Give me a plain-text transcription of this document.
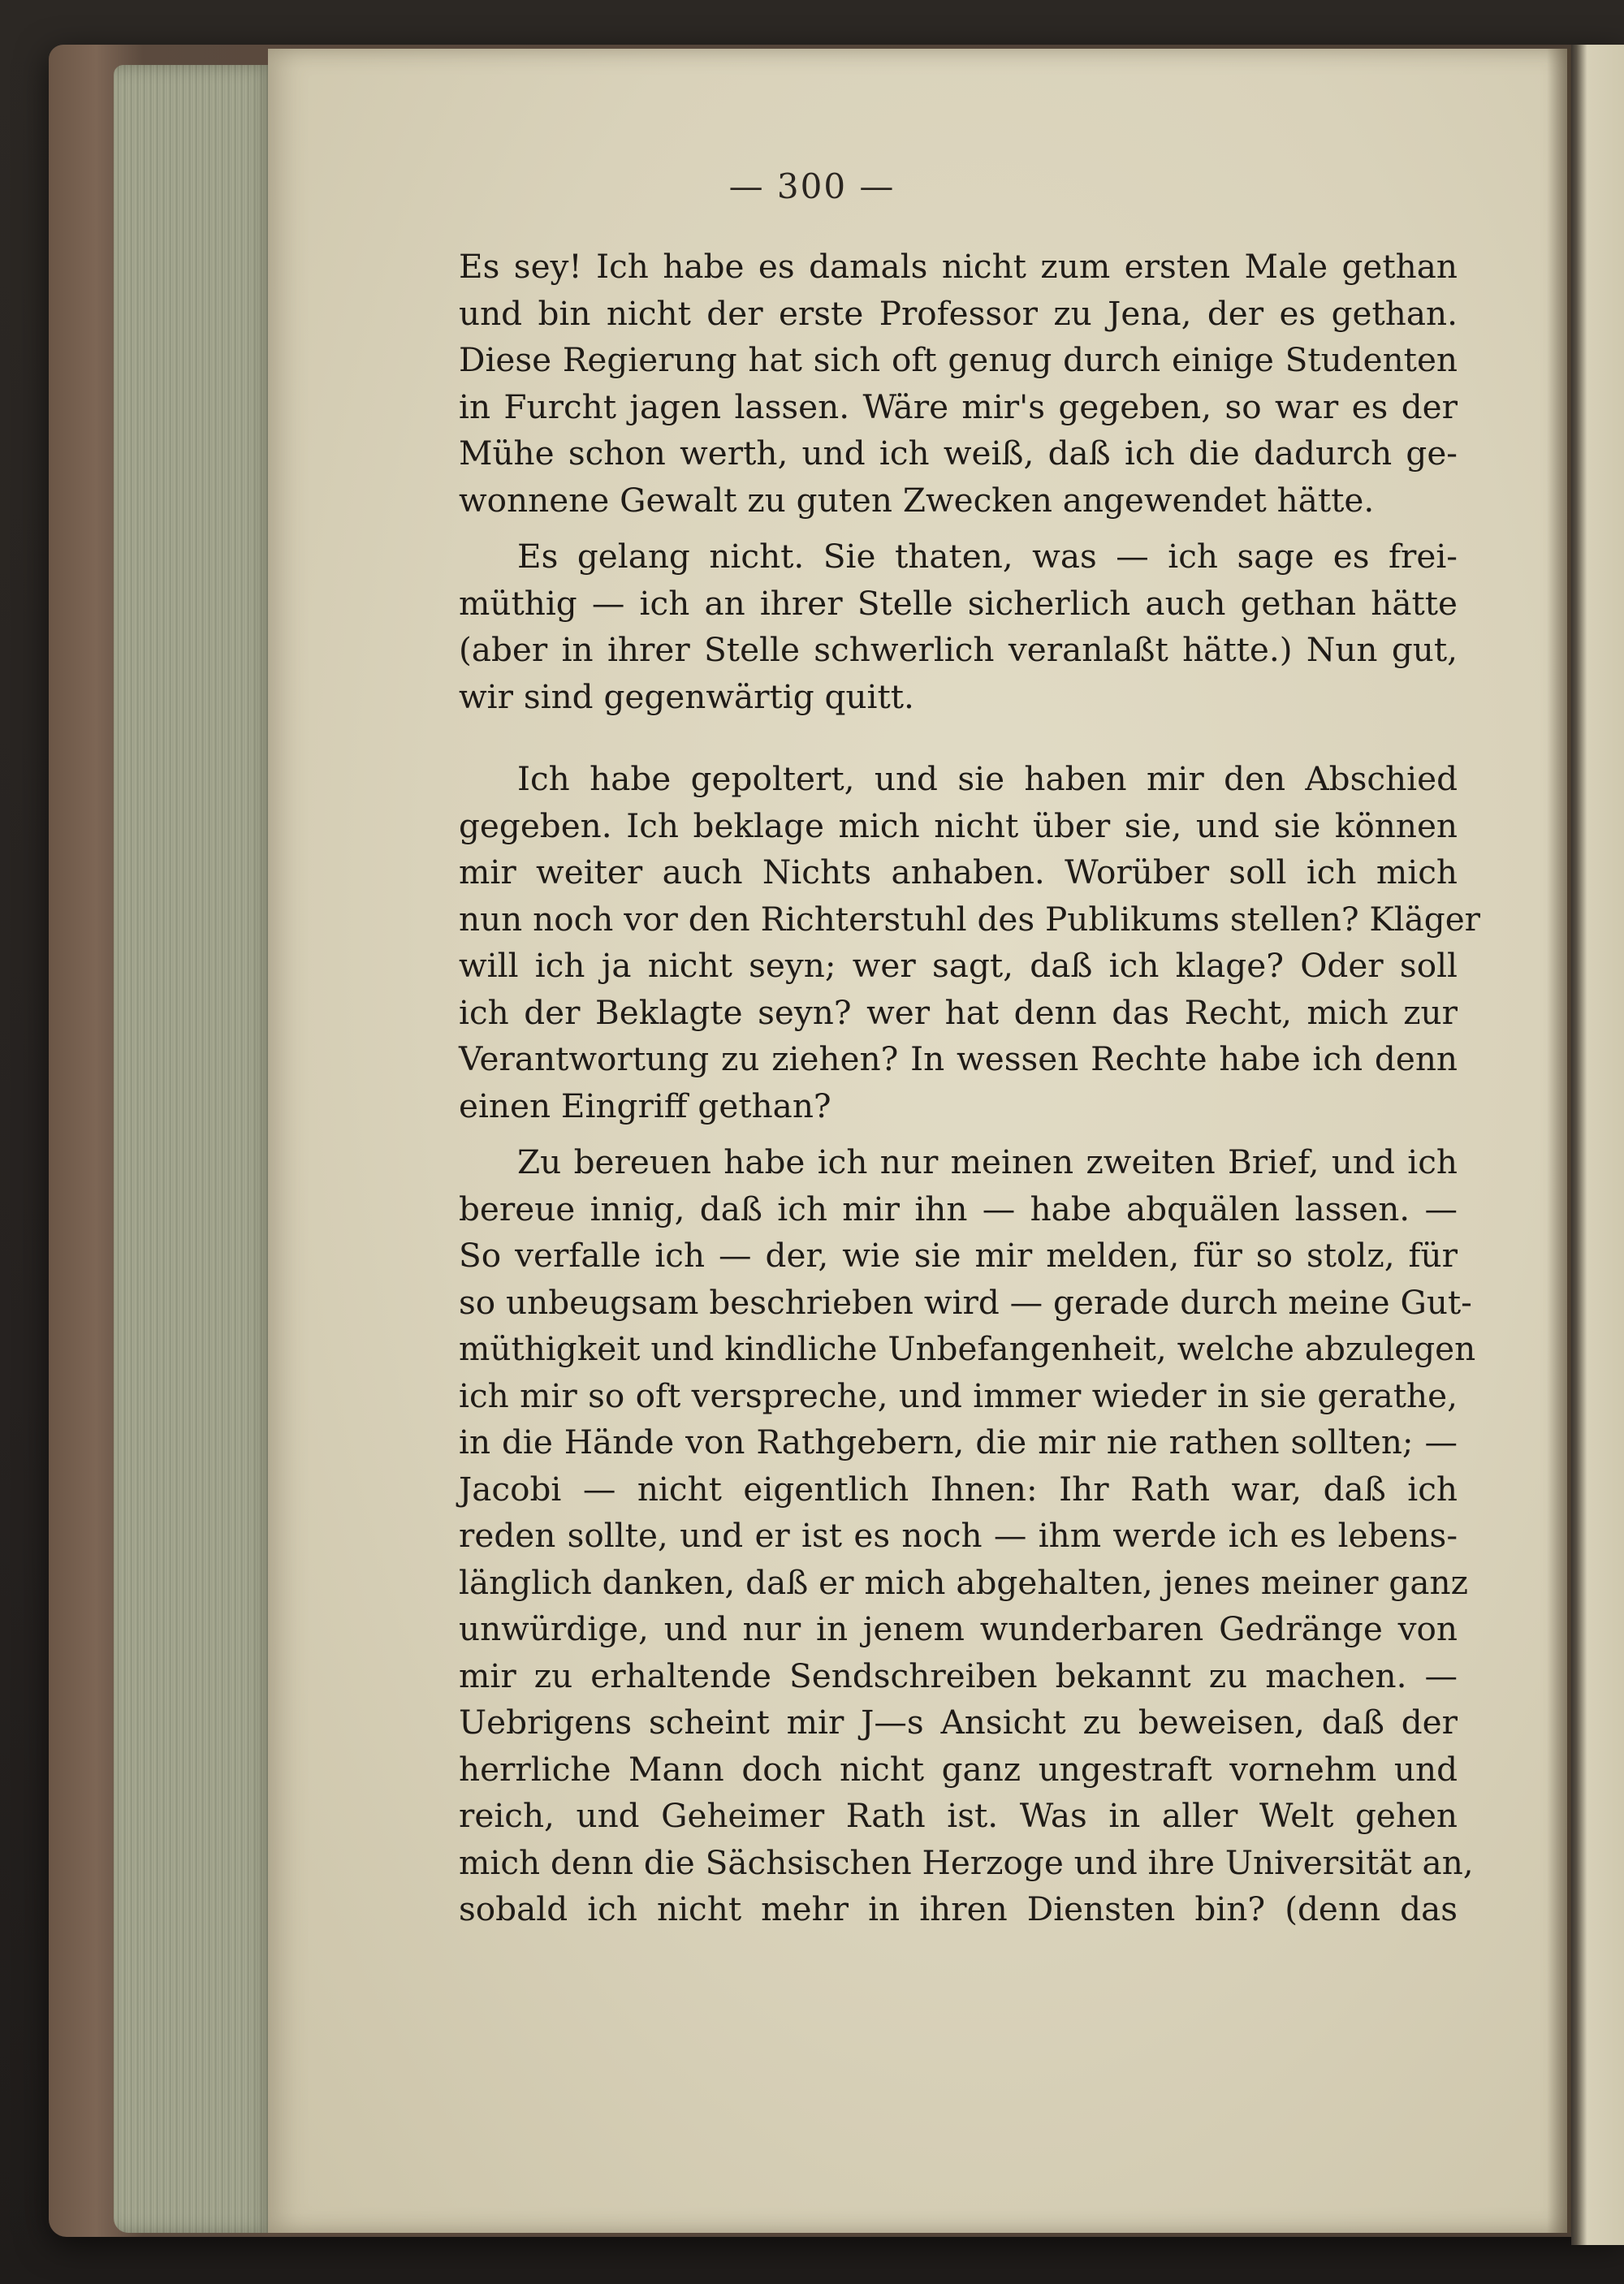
— 300 —
Es sey! Ich habe es damals nicht zum ersten Male gethan
und bin nicht der erste Professor zu Jena, der es gethan.
Diese Regierung hat sich oft genug durch einige Studenten
in Furcht jagen lassen. Wäre mir's gegeben, so war es der
Mühe schon werth, und ich weiß, daß ich die dadurch ge-
wonnene Gewalt zu guten Zwecken angewendet hätte.
Es gelang nicht. Sie thaten, was — ich sage es frei-
müthig — ich an ihrer Stelle sicherlich auch gethan hätte
(aber in ihrer Stelle schwerlich veranlaßt hätte.) Nun gut,
wir sind gegenwärtig quitt.
Ich habe gepoltert, und sie haben mir den Abschied
gegeben. Ich beklage mich nicht über sie, und sie können
mir weiter auch Nichts anhaben. Worüber soll ich mich
nun noch vor den Richterstuhl des Publikums stellen? Kläger
will ich ja nicht seyn; wer sagt, daß ich klage? Oder soll
ich der Beklagte seyn? wer hat denn das Recht, mich zur
Verantwortung zu ziehen? In wessen Rechte habe ich denn
einen Eingriff gethan?
Zu bereuen habe ich nur meinen zweiten Brief, und ich
bereue innig, daß ich mir ihn — habe abquälen lassen. —
So verfalle ich — der, wie sie mir melden, für so stolz, für
so unbeugsam beschrieben wird — gerade durch meine Gut-
müthigkeit und kindliche Unbefangenheit, welche abzulegen
ich mir so oft verspreche, und immer wieder in sie gerathe,
in die Hände von Rathgebern, die mir nie rathen sollten; —
Jacobi — nicht eigentlich Ihnen: Ihr Rath war, daß ich
reden sollte, und er ist es noch — ihm werde ich es lebens-
länglich danken, daß er mich abgehalten, jenes meiner ganz
unwürdige, und nur in jenem wunderbaren Gedränge von
mir zu erhaltende Sendschreiben bekannt zu machen. —
Uebrigens scheint mir J—s Ansicht zu beweisen, daß der
herrliche Mann doch nicht ganz ungestraft vornehm und
reich, und Geheimer Rath ist. Was in aller Welt gehen
mich denn die Sächsischen Herzoge und ihre Universität an,
sobald ich nicht mehr in ihren Diensten bin? (denn das
